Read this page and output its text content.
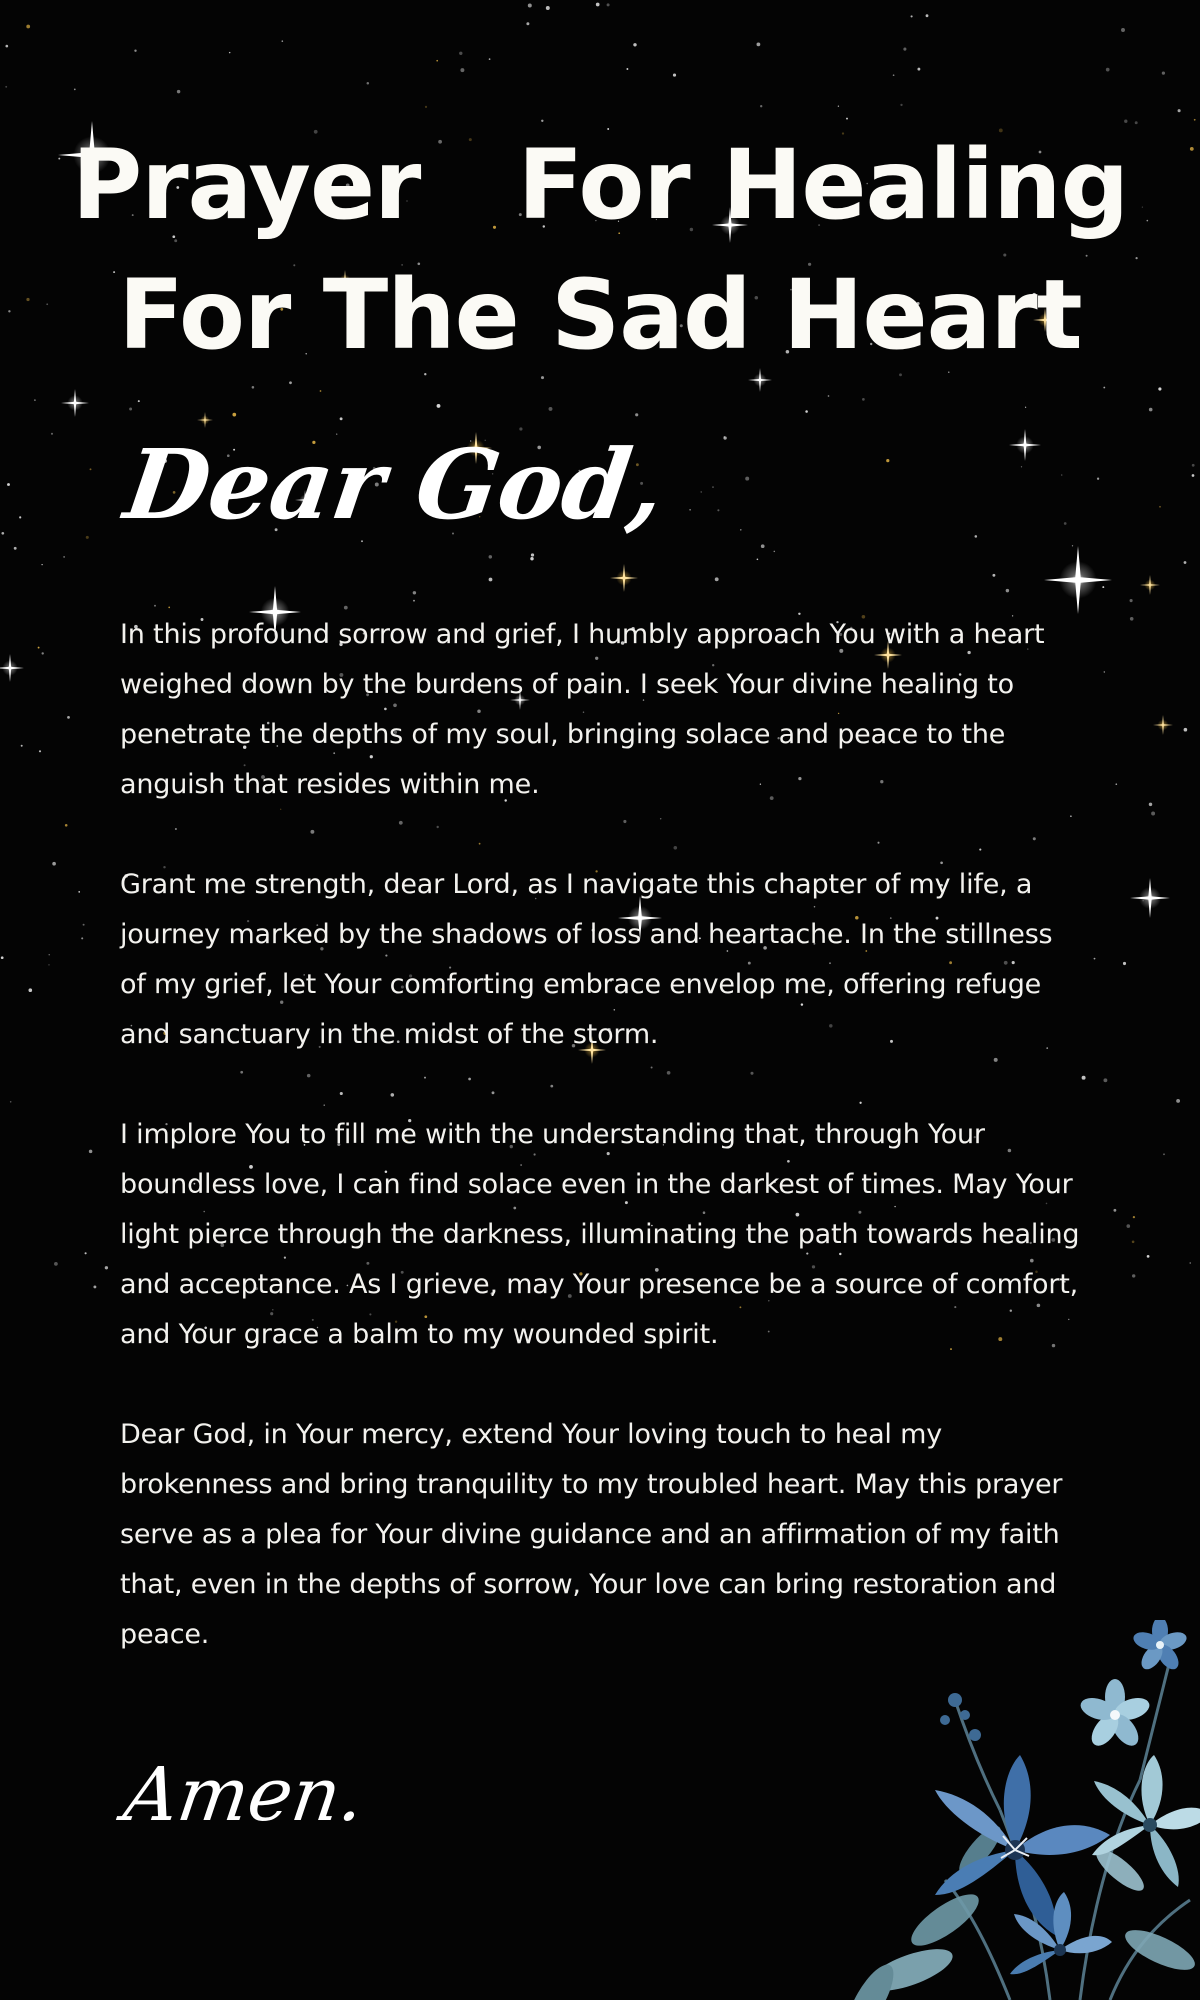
Prayer   For Healing
For The Sad Heart
Dear God,

In this profound sorrow and grief, I humbly approach You with a heart weighed down by the burdens of pain. I seek Your divine healing to penetrate the depths of my soul, bringing solace and peace to the anguish that resides within me.

Grant me strength, dear Lord, as I navigate this chapter of my life, a journey marked by the shadows of loss and heartache. In the stillness of my grief, let Your comforting embrace envelop me, offering refuge and sanctuary in the midst of the storm.

I implore You to fill me with the understanding that, through Your boundless love, I can find solace even in the darkest of times. May Your light pierce through the darkness, illuminating the path towards healing and acceptance. As I grieve, may Your presence be a source of comfort, and Your grace a balm to my wounded spirit.

Dear God, in Your mercy, extend Your loving touch to heal my brokenness and bring tranquility to my troubled heart. May this prayer serve as a plea for Your divine guidance and an affirmation of my faith that, even in the depths of sorrow, Your love can bring restoration and peace.

Amen.
